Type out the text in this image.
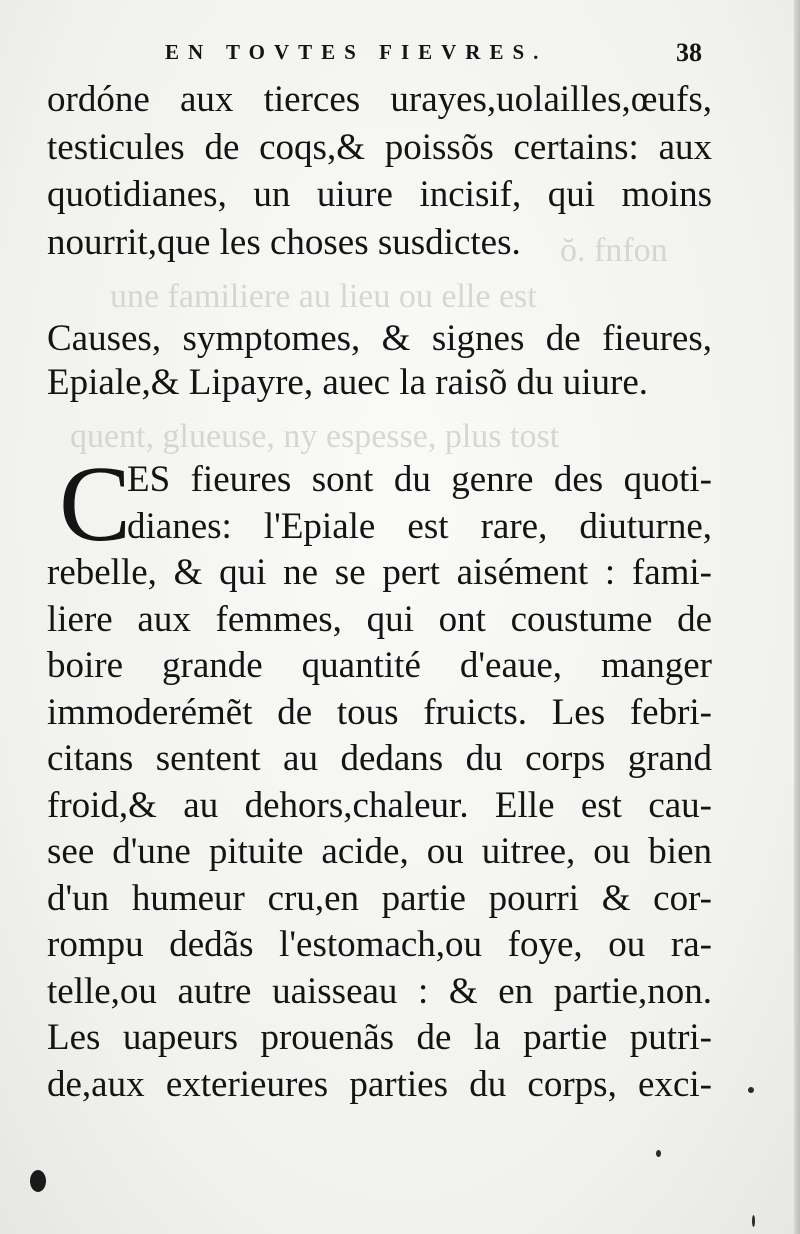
ŏ. fnfon
une familiere au lieu ou elle est
quent, glueuse, ny espesse, plus tost
EN TOVTES FIEVRES.	38
ordóne aux tierces urayes,uolailles,œufs,
testicules de coqs,& poissõs certains: aux
quotidianes, un uiure incisif, qui moins
nourrit,que les choses susdictes.
Causes, symptomes, & signes de fieures,
Epiale,& Lipayre, auec la raisõ du uiure.
C
ES fieures sont du genre des quoti-
dianes: l'Epiale est rare, diuturne,
rebelle, & qui ne se pert aisément : fami-
liere aux femmes, qui ont coustume de
boire grande quantité d'eaue, manger
immoderémẽt de tous fruicts. Les febri-
citans sentent au dedans du corps grand
froid,& au dehors,chaleur. Elle est cau-
see d'une pituite acide, ou uitree, ou bien
d'un humeur cru,en partie pourri & cor-
rompu dedãs l'estomach,ou foye, ou ra-
telle,ou autre uaisseau : & en partie,non.
Les uapeurs prouenãs de la partie putri-
de,aux exterieures parties du corps, exci-
